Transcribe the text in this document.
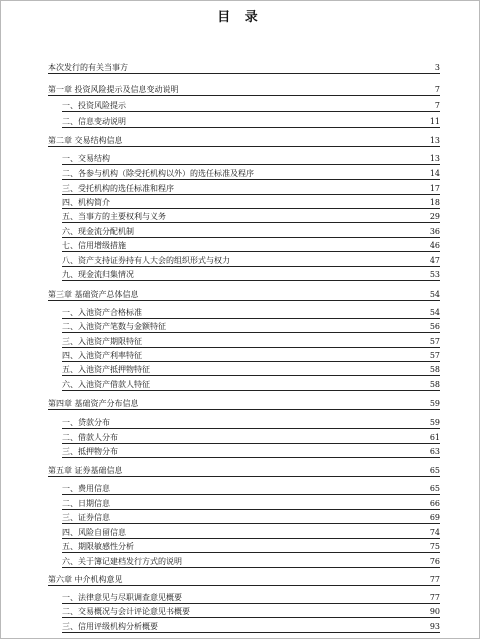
目 录
本次发行的有关当事方	3
第一章 投资风险提示及信息变动说明	7
一、投资风险提示	7
二、信息变动说明	11
第二章 交易结构信息	13
一、交易结构	13
二、各参与机构（除受托机构以外）的选任标准及程序	14
三、受托机构的选任标准和程序	17
四、机构简介	18
五、当事方的主要权利与义务	29
六、现金流分配机制	36
七、信用增级措施	46
八、资产支持证券持有人大会的组织形式与权力	47
九、现金流归集情况	53
第三章 基础资产总体信息	54
一、入池资产合格标准	54
二、入池资产笔数与金额特征	56
三、入池资产期限特征	57
四、入池资产利率特征	57
五、入池资产抵押物特征	58
六、入池资产借款人特征	58
第四章 基础资产分布信息	59
一、贷款分布	59
二、借款人分布	61
三、抵押物分布	63
第五章 证券基础信息	65
一、费用信息	65
二、日期信息	66
三、证券信息	69
四、风险自留信息	74
五、期限敏感性分析	75
六、关于簿记建档发行方式的说明	76
第六章 中介机构意见	77
一、法律意见与尽职调查意见概要	77
二、交易概况与会计评论意见书概要	90
三、信用评级机构分析概要	93
